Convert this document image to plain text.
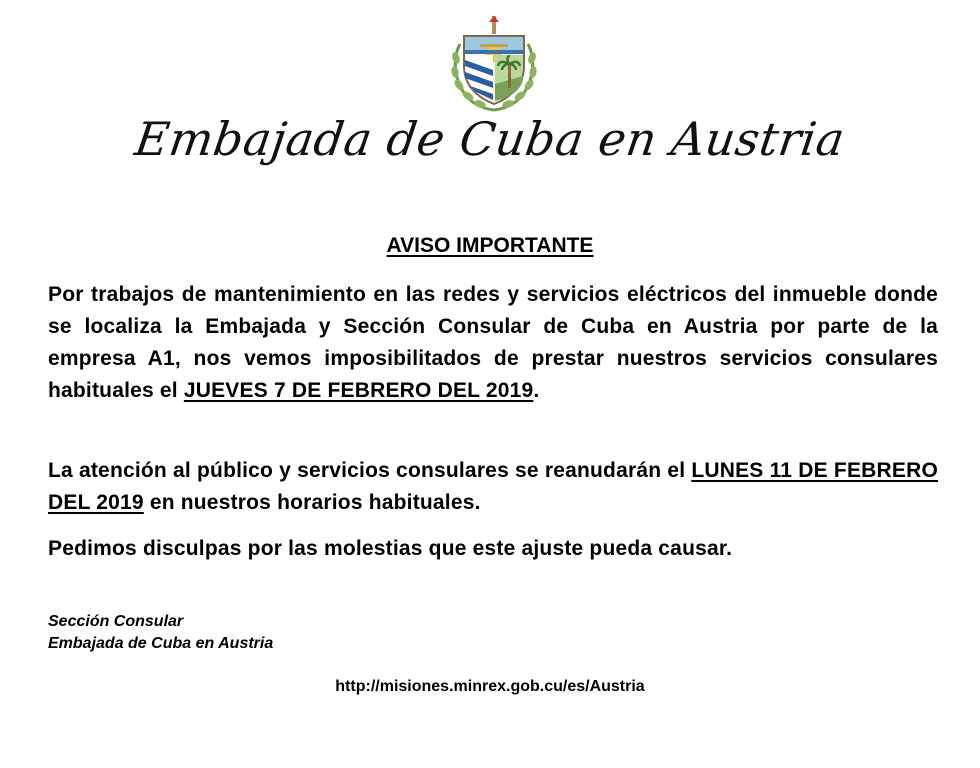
Embajada de Cuba en Austria
AVISO IMPORTANTE
Por trabajos de mantenimiento en las redes y servicios eléctricos del inmueble donde se localiza la Embajada y Sección Consular de Cuba en Austria por parte de la empresa A1, nos vemos imposibilitados de prestar nuestros servicios consulares habituales el JUEVES 7 DE FEBRERO DEL 2019.
La atención al público y servicios consulares se reanudarán el LUNES 11 DE FEBRERO DEL 2019 en nuestros horarios habituales.
Pedimos disculpas por las molestias que este ajuste pueda causar.
Sección Consular
Embajada de Cuba en Austria
http://misiones.minrex.gob.cu/es/Austria
